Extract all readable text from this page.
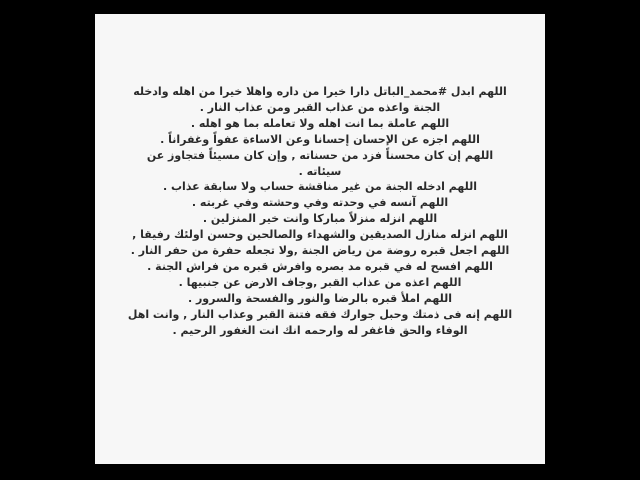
اللهم ابدل #محمد_الباتل دارا خيرا من داره واهلا خيرا من اهله وادخله
الجنة واعذه من عذاب القبر ومن عذاب النار .
اللهم عاملة بما انت اهله ولا تعامله بما هو اهله .
اللهم اجزه عن الإحسان إحسانا وعن الاساءة عفواً وغفراناً .
اللهم إن كان محسناً فزد من حسناته , وإن كان مسيئاً فتجاوز عن
سيئاته .
اللهم ادخله الجنة من غير مناقشة حساب ولا سابقة عذاب .
اللهم آنسه في وحدته وفي وحشته وفي غربته .
اللهم انزله منزلاً مباركا وانت خير المنزلين .
اللهم انزله منازل الصديقين والشهداء والصالحين وحسن اولئك رفيقا ,
اللهم اجعل قبره روضة من رياض الجنة ,ولا تجعله حفرة من حفر النار .
اللهم افسح له في قبره مد بصره وافرش قبره من فراش الجنة .
اللهم اعذه من عذاب القبر ,وجاف الارض عن جنبيها .
اللهم املأ قبره بالرضا والنور والفسحة والسرور .
اللهم إنه فى ذمتك وحبل جوارك فقه فتنة القبر وعذاب النار , وانت اهل
الوفاء والحق فاغفر له وارحمه انك انت الغفور الرحيم .
